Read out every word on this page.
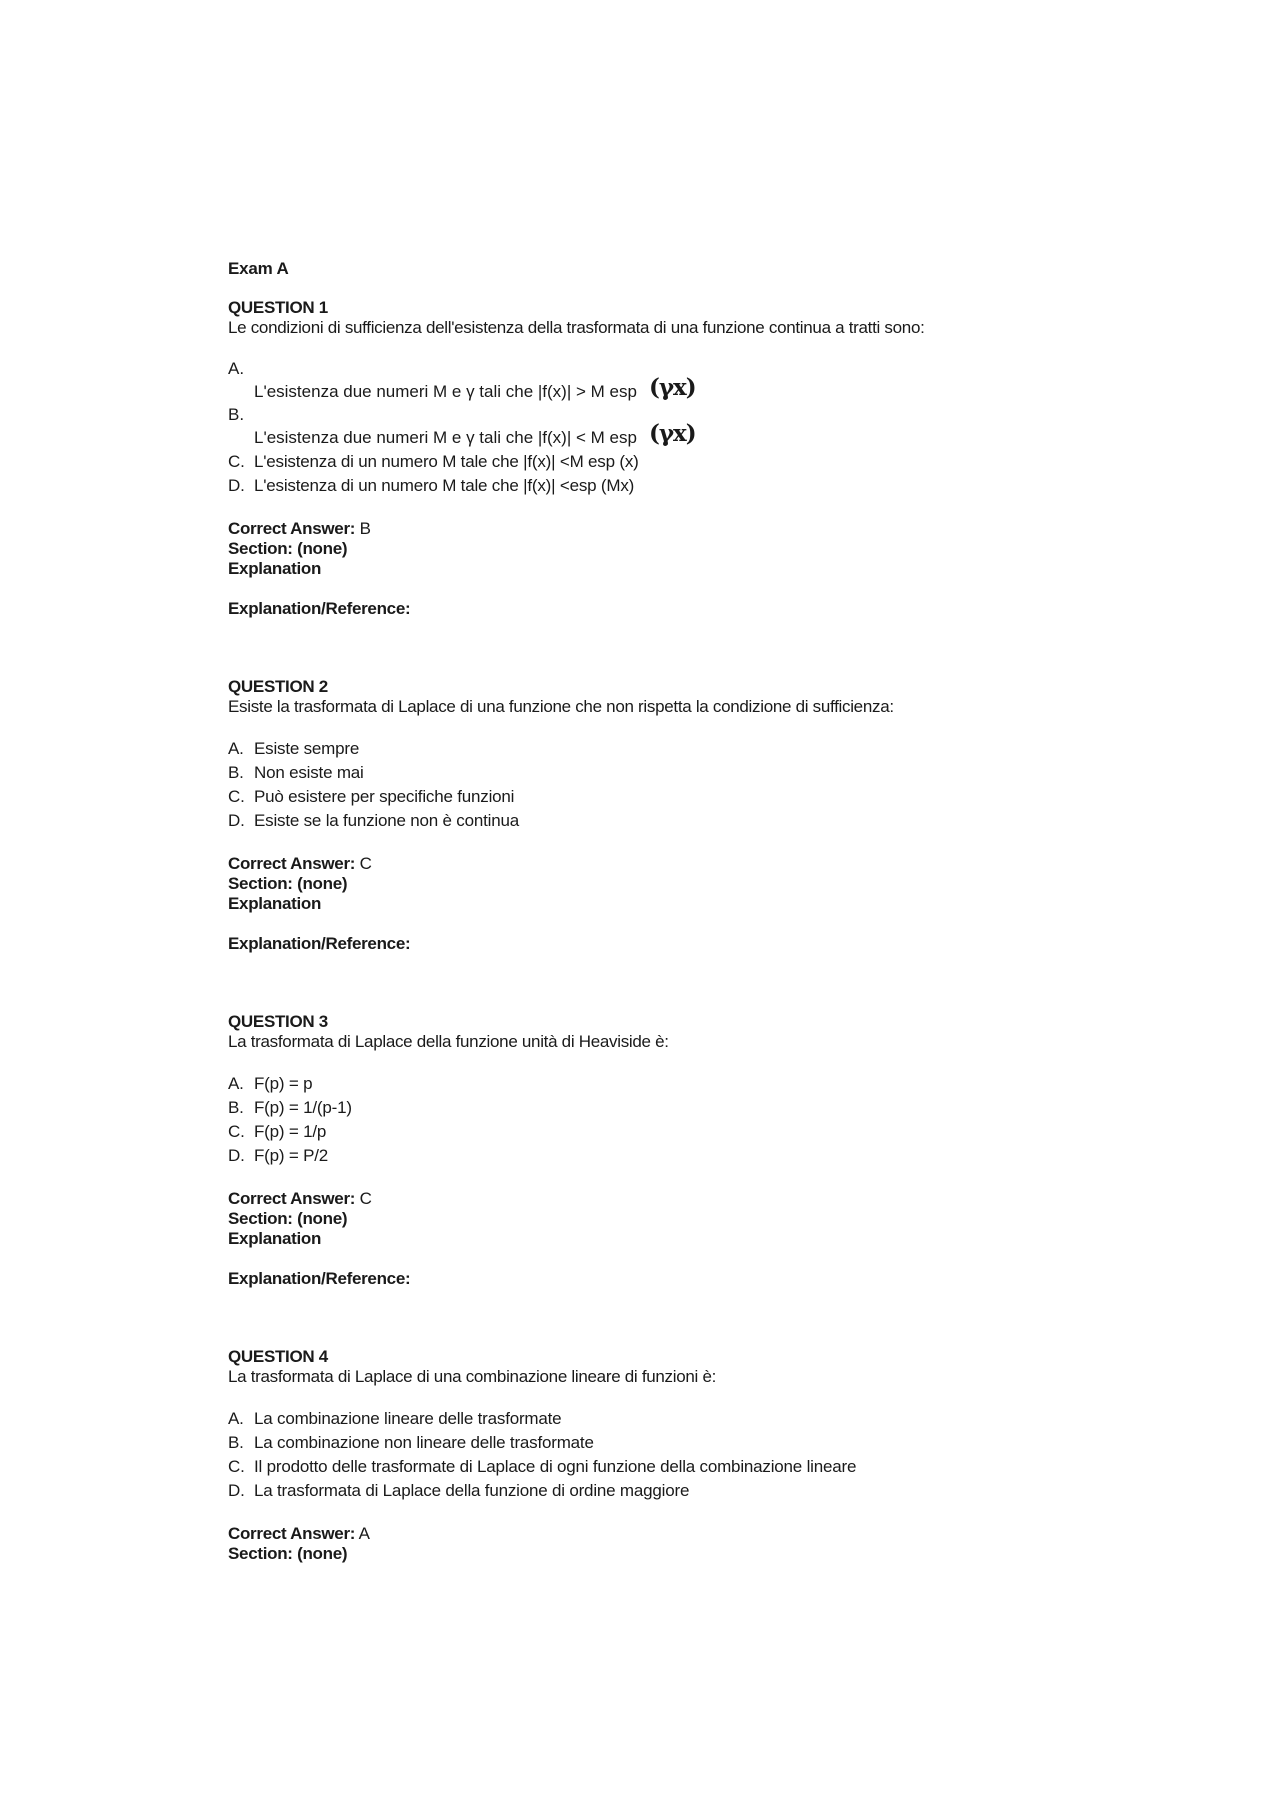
Exam A
QUESTION 1
Le condizioni di sufficienza dell'esistenza della trasformata di una funzione continua a tratti sono:
A.
L'esistenza due numeri M e γ tali che |f(x)| > M esp (γx)
B.
L'esistenza due numeri M e γ tali che |f(x)| < M esp (γx)
C. L'esistenza di un numero M tale che |f(x)| <M esp (x)
D. L'esistenza di un numero M tale che |f(x)| <esp (Mx)
Correct Answer: B
Section: (none)
Explanation
Explanation/Reference:
QUESTION 2
Esiste la trasformata di Laplace di una funzione che non rispetta la condizione di sufficienza:
A. Esiste sempre
B. Non esiste mai
C. Può esistere per specifiche funzioni
D. Esiste se la funzione non è continua
Correct Answer: C
Section: (none)
Explanation
Explanation/Reference:
QUESTION 3
La trasformata di Laplace della funzione unità di Heaviside è:
A. F(p) = p
B. F(p) = 1/(p-1)
C. F(p) = 1/p
D. F(p) = P/2
Correct Answer: C
Section: (none)
Explanation
Explanation/Reference:
QUESTION 4
La trasformata di Laplace di una combinazione lineare di funzioni è:
A. La combinazione lineare delle trasformate
B. La combinazione non lineare delle trasformate
C. Il prodotto delle trasformate di Laplace di ogni funzione della combinazione lineare
D. La trasformata di Laplace della funzione di ordine maggiore
Correct Answer: A
Section: (none)
